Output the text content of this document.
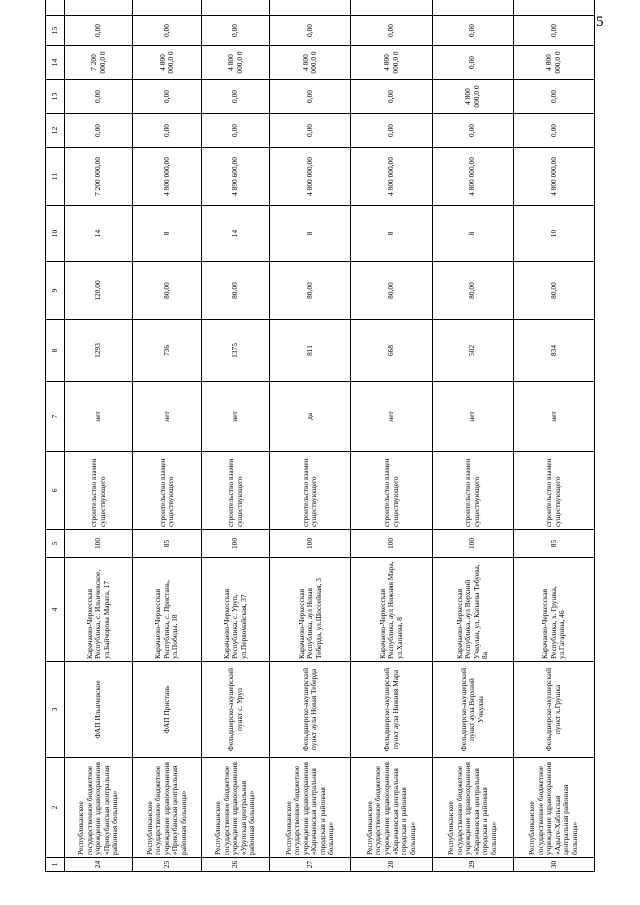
5
1	2	3	4	5	6	7	8	9	10	11	12	13	14	15	
24	Республиканское государственное бюджетное учреждение здравоохранения «Прикубанская центральная районная больница»	ФАП Ильичевское	Карачаево-Черкесская Республика, с. Ильичевское, ул.Байчорова Марата, 17	100	строительство взамен существующего	нет	1293	120,00	14	7 200 000,00	0,00	0,00	7 200 000,0 0	0,00	
25	Республиканское государственное бюджетное учреждение здравоохранения «Прикубанская центральная районная больница»	ФАП Пристань	Карачаево-Черкесская Республика, с. Пристань, ул.Победы, 18	85	строительство взамен существующего	нет	736	80,00	8	4 800 000,00	0,00	0,00	4 800 000,0 0	0,00	
26	Республиканское государственное бюджетное учреждение здравоохранения «Урупская центральная районная больница»	Фельдшерско-акушерский пункт с. Уруп	Карачаево-Черкесская Республика, с. Уруп, ул.Первомайская, 37	100	строительство взамен существующего	нет	1375	80,00	14	4 890 600,00	0,00	0,00	4 800 000,0 0	0,00	
27	Республиканское государственное бюджетное учреждение здравоохранения «Карачаевская центральная городская и районная больница»	Фельдшерско-акушерский пункт аула Новая Теберда	Карачаево-Черкесская Республика, аул Новая Теберда, ул.Шоссейная, 3	100	строительство взамен существующего	да	811	80,00	8	4 800 000,00	0,00	0,00	4 800 000,0 0	0,00	
28	Республиканское государственное бюджетное учреждение здравоохранения «Карачаевская центральная городская и районная больница»	Фельдшерско-акушерский пункт аула Нижняя Мара	Карачаево-Черкесская Республика, аул Нижняя Мара, ул.Хапаева, 8	100	строительство взамен существующего	нет	668	80,00	8	4 800 000,00	0,00	0,00	4 800 000,0 0	0,00	
29	Республиканское государственное бюджетное учреждение здравоохранения «Карачаевская центральная городская и районная больница»	Фельдшерско-акушерский пункт аула Верхний Учкулан	Карачаево-Черкесская Республика, аул Верхний Учкулан, ул. Капаева Тебуева, 8а	100	строительство взамен существующего	нет	502	80,00	8	4 800 000,00	0,00	4 800 000,0 0	0,00	0,00	
30	Республиканское государственное бюджетное учреждение здравоохранения «Адыге-Хабльская центральная районная больница»	Фельдшерско-акушерский пункт х.Грушка	Карачаево-Черкесская Республика, х. Грушка, ул.Гагарина, 46	85	строительство взамен существующего	нет	834	80,00	10	4 800 000,00	0,00	0,00	4 800 000,0 0	0,00	
